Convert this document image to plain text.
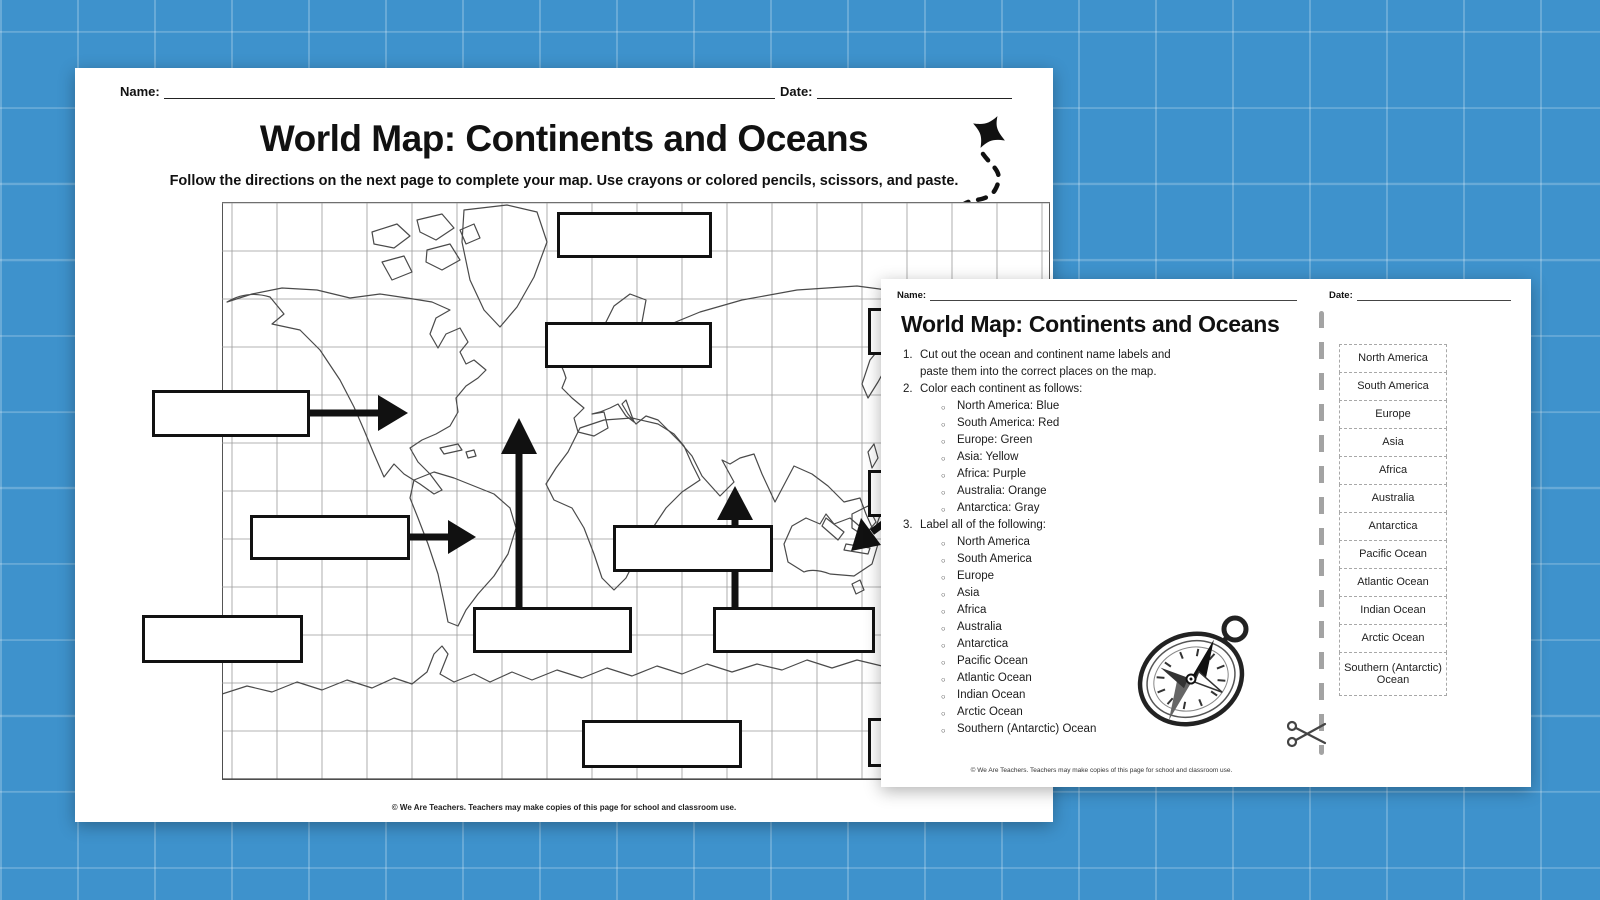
Name:	Date:
World Map: Continents and Oceans
Follow the directions on the next page to complete your map. Use crayons or colored pencils, scissors, and paste.
© We Are Teachers. Teachers may make copies of this page for school and classroom use.
Name:	Date:
World Map: Continents and Oceans
1. Cut out the ocean and continent name labels and paste them into the correct places on the map.
2. Color each continent as follows:
○ North America: Blue
○ South America: Red
○ Europe: Green
○ Asia: Yellow
○ Africa: Purple
○ Australia: Orange
○ Antarctica: Gray
3. Label all of the following:
○ North America
○ South America
○ Europe
○ Asia
○ Africa
○ Australia
○ Antarctica
○ Pacific Ocean
○ Atlantic Ocean
○ Indian Ocean
○ Arctic Ocean
○ Southern (Antarctic) Ocean
North America
South America
Europe
Asia
Africa
Australia
Antarctica
Pacific Ocean
Atlantic Ocean
Indian Ocean
Arctic Ocean
Southern (Antarctic) Ocean
© We Are Teachers. Teachers may make copies of this page for school and classroom use.
